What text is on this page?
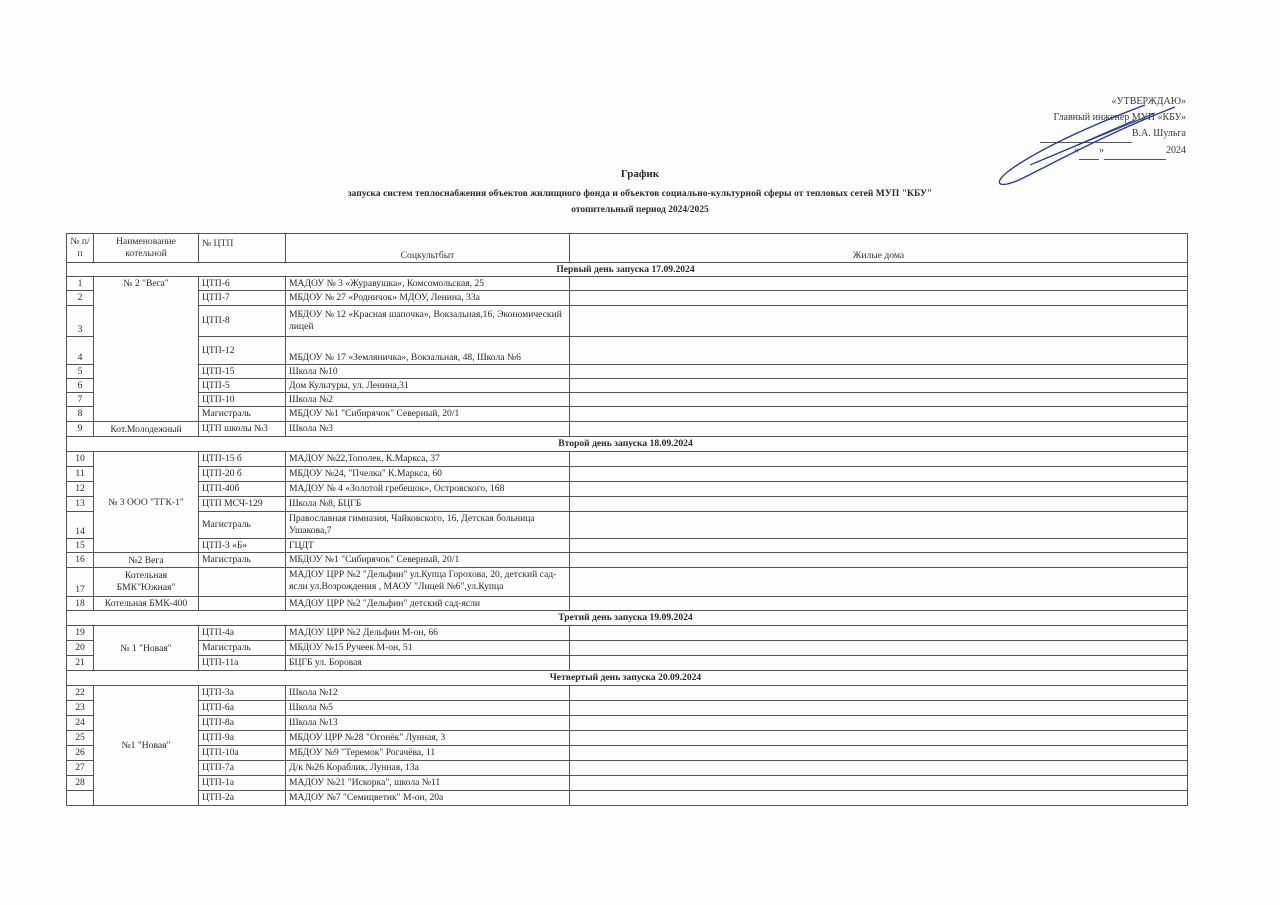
«УТВЕРЖДАЮ»
Главный инженер МУП «КБУ»
В.А. Шульга
« »	2024
График
запуска систем теплоснабжения объектов жилищного фонда и объектов социально-культурной сферы от тепловых сетей МУП "КБУ"
отопительный период 2024/2025
№ п/п	Наименование котельной	№ ЦТП	Соцкультбыт	Жилые дома
Первый день запуска 17.09.2024				
1	№ 2 "Вега"	ЦТП-6	МАДОУ № 3 «Журавушка», Комсомольская, 25	
2		ЦТП-7	МБДОУ № 27 «Родничок» МДОУ, Ленина, 33а	
3		ЦТП-8	МБДОУ № 12 «Красная шапочка», Вокзальная,16, Экономический лицей	
4		ЦТП-12	МБДОУ № 17 «Земляничка», Вокзальная, 48, Школа №6	
5		ЦТП-15	Школа №10	
6		ЦТП-5	Дом Культуры, ул. Ленина,31	
7		ЦТП-10	Школа №2	
8		Магистраль	МБДОУ №1 "Сибирячок" Северный, 20/1	
9	Кот.Молодежный	ЦТП школы №3	Школа №3	
Второй день запуска 18.09.2024				
10	№ 3 ООО "ТГК-1"	ЦТП-15 б	МАДОУ №22,Тополек, К.Маркса, 37	
11		ЦТП-20 б	МБДОУ №24, "Пчелка" К.Маркса, 60	
12		ЦТП-40б	МАДОУ № 4 «Золотой гребешок», Островского, 168	
13		ЦТП МСЧ-129	Школа №8, БЦГБ	
14		Магистраль	Православная гимназия, Чайковского, 16, Детская больница Ушакова,7	
15		ЦТП-3 «Б»	ГЦДТ	
16	№2 Вега	Магистраль	МБДОУ №1 "Сибирячок" Северный, 20/1	
17	Котельная БМК"Южная"		МАДОУ ЦРР №2 "Дельфин" ул.Купца Горохова, 20, детский сад-ясли ул.Возрождения , МАОУ "Лицей №6",ул.Купца	

18	Котельная БМК-400		МАДОУ ЦРР №2 "Дельфин" детский сад-ясли	
Третий день запуска 19.09.2024				
19	№ 1 "Новая"	ЦТП-4а	МАДОУ ЦРР №2 Дельфин М-он, 66	
20		Магистраль	МБДОУ №15 Ручеек М-он, 51	
21		ЦТП-11а	БЦГБ ул. Боровая	
Четвертый день запуска 20.09.2024				
22	№1 "Новая"	ЦТП-3а	Школа №12	
23		ЦТП-6а	Школа №5	
24		ЦТП-8а	Школа №13	
25		ЦТП-9а	МБДОУ ЦРР №28 "Огонёк" Лунная, 3	
26		ЦТП-10а	МБДОУ №9 "Теремок" Рогачёва, 11	
27		ЦТП-7а	Д/к №26 Кораблик, Лунная, 13а	
28		ЦТП-1а	МАДОУ №21 "Искорка", школа №11	
		ЦТП-2а	МАДОУ №7 "Семицветик" М-он, 20а	
